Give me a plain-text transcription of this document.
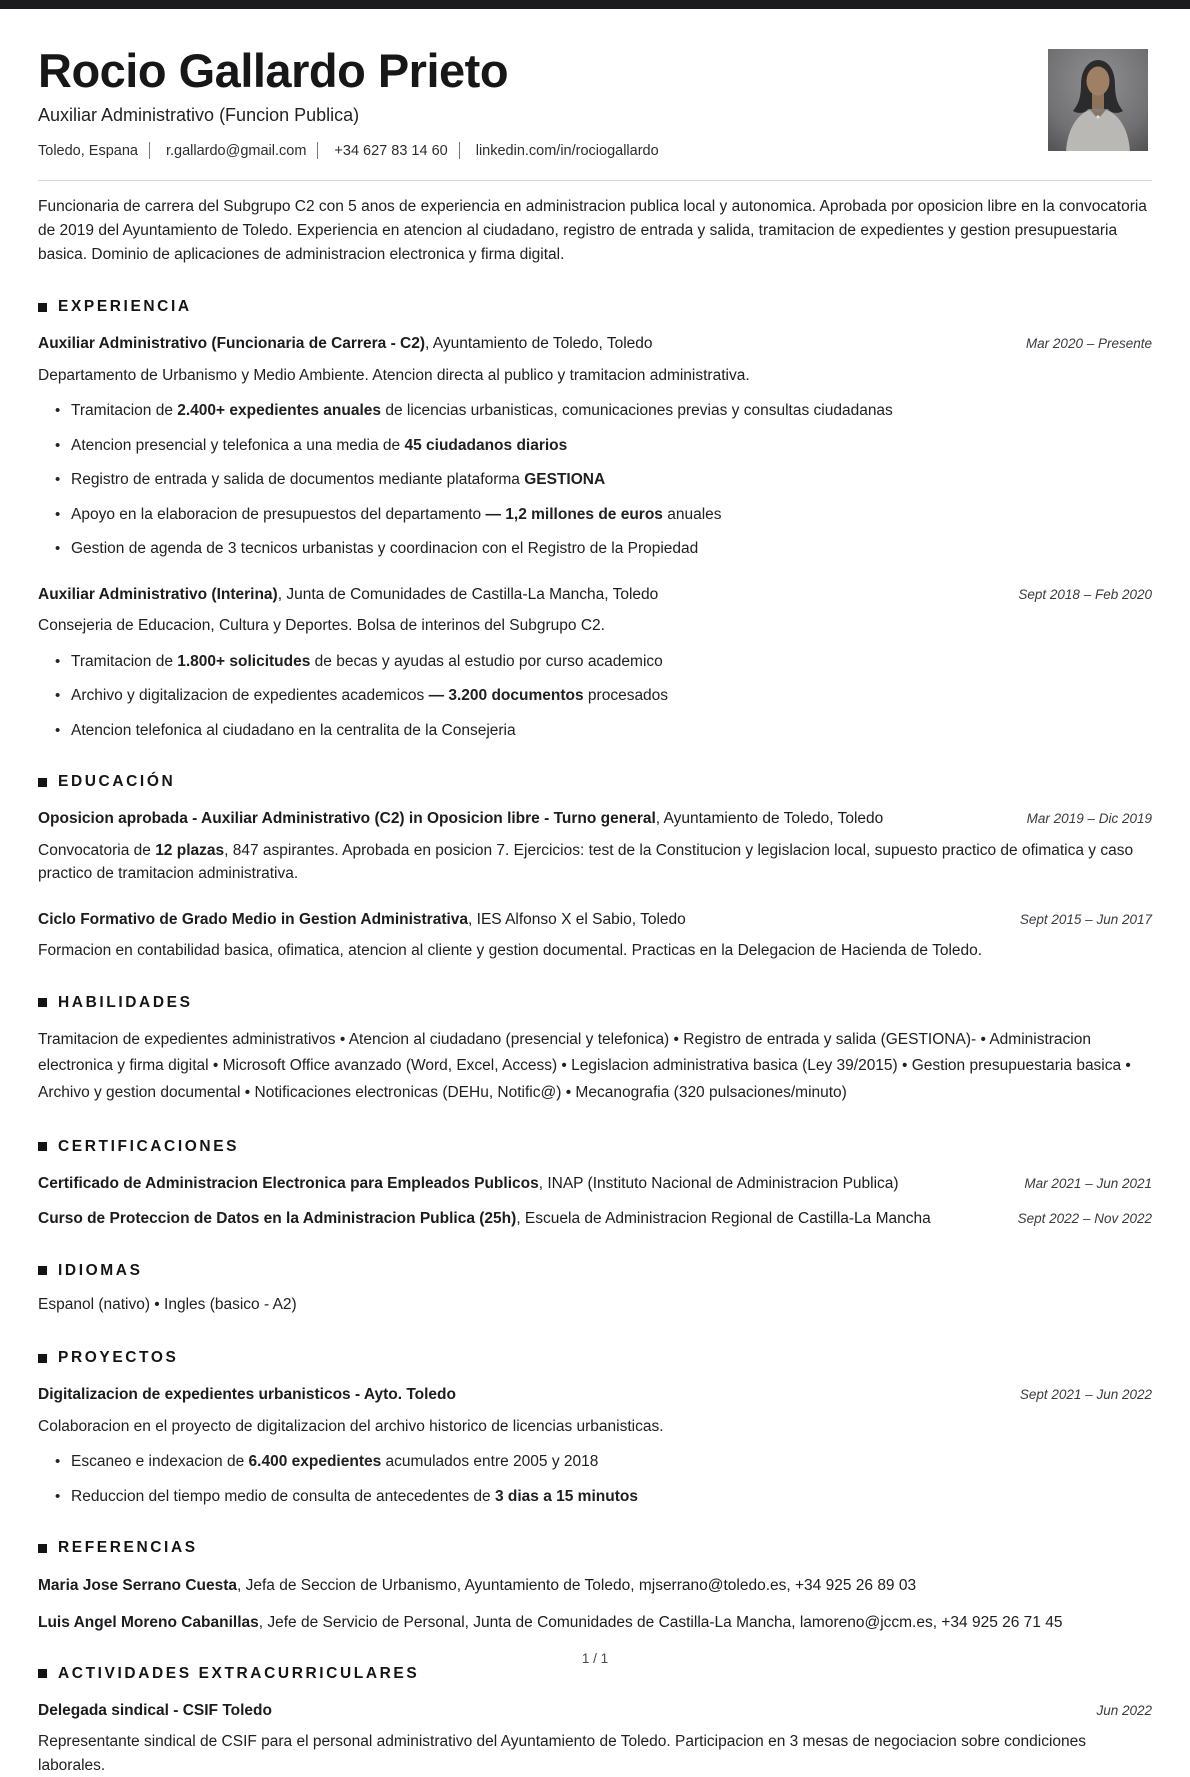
Rocio Gallardo Prieto
Auxiliar Administrativo (Funcion Publica)
Toledo, Espana r.gallardo@gmail.com +34 627 83 14 60 linkedin.com/in/rociogallardo

Funcionaria de carrera del Subgrupo C2 con 5 anos de experiencia en administracion publica local y autonomica. Aprobada por oposicion libre en la convocatoria de 2019 del Ayuntamiento de Toledo. Experiencia en atencion al ciudadano, registro de entrada y salida, tramitacion de expedientes y gestion presupuestaria basica. Dominio de aplicaciones de administracion electronica y firma digital.

EXPERIENCIA
Auxiliar Administrativo (Funcionaria de Carrera - C2), Ayuntamiento de Toledo, Toledo	Mar 2020 – Presente
Departamento de Urbanismo y Medio Ambiente. Atencion directa al publico y tramitacion administrativa.
• Tramitacion de 2.400+ expedientes anuales de licencias urbanisticas, comunicaciones previas y consultas ciudadanas
• Atencion presencial y telefonica a una media de 45 ciudadanos diarios
• Registro de entrada y salida de documentos mediante plataforma GESTIONA
• Apoyo en la elaboracion de presupuestos del departamento — 1,2 millones de euros anuales
• Gestion de agenda de 3 tecnicos urbanistas y coordinacion con el Registro de la Propiedad
Auxiliar Administrativo (Interina), Junta de Comunidades de Castilla-La Mancha, Toledo	Sept 2018 – Feb 2020
Consejeria de Educacion, Cultura y Deportes. Bolsa de interinos del Subgrupo C2.
• Tramitacion de 1.800+ solicitudes de becas y ayudas al estudio por curso academico
• Archivo y digitalizacion de expedientes academicos — 3.200 documentos procesados
• Atencion telefonica al ciudadano en la centralita de la Consejeria
EDUCACIÓN
Oposicion aprobada - Auxiliar Administrativo (C2) in Oposicion libre - Turno general, Ayuntamiento de Toledo, Toledo	Mar 2019 – Dic 2019
Convocatoria de 12 plazas, 847 aspirantes. Aprobada en posicion 7. Ejercicios: test de la Constitucion y legislacion local, supuesto practico de ofimatica y caso practico de tramitacion administrativa.
Ciclo Formativo de Grado Medio in Gestion Administrativa, IES Alfonso X el Sabio, Toledo	Sept 2015 – Jun 2017
Formacion en contabilidad basica, ofimatica, atencion al cliente y gestion documental. Practicas en la Delegacion de Hacienda de Toledo.
HABILIDADES
Tramitacion de expedientes administrativos • Atencion al ciudadano (presencial y telefonica) • Registro de entrada y salida (GESTIONA)- • Administracion electronica y firma digital • Microsoft Office avanzado (Word, Excel, Access) • Legislacion administrativa basica (Ley 39/2015) • Gestion presupuestaria basica • Archivo y gestion documental • Notificaciones electronicas (DEHu, Notific@) • Mecanografia (320 pulsaciones/minuto)
CERTIFICACIONES
Certificado de Administracion Electronica para Empleados Publicos, INAP (Instituto Nacional de Administracion Publica)	Mar 2021 – Jun 2021
Curso de Proteccion de Datos en la Administracion Publica (25h), Escuela de Administracion Regional de Castilla-La Mancha	Sept 2022 – Nov 2022
IDIOMAS
Espanol (nativo) • Ingles (basico - A2)
PROYECTOS
Digitalizacion de expedientes urbanisticos - Ayto. Toledo	Sept 2021 – Jun 2022
Colaboracion en el proyecto de digitalizacion del archivo historico de licencias urbanisticas.
• Escaneo e indexacion de 6.400 expedientes acumulados entre 2005 y 2018
• Reduccion del tiempo medio de consulta de antecedentes de 3 dias a 15 minutos
REFERENCIAS
Maria Jose Serrano Cuesta, Jefa de Seccion de Urbanismo, Ayuntamiento de Toledo, mjserrano@toledo.es, +34 925 26 89 03
Luis Angel Moreno Cabanillas, Jefe de Servicio de Personal, Junta de Comunidades de Castilla-La Mancha, lamoreno@jccm.es, +34 925 26 71 45
ACTIVIDADES EXTRACURRICULARES
Delegada sindical - CSIF Toledo	Jun 2022
Representante sindical de CSIF para el personal administrativo del Ayuntamiento de Toledo. Participacion en 3 mesas de negociacion sobre condiciones laborales.
1 / 1
